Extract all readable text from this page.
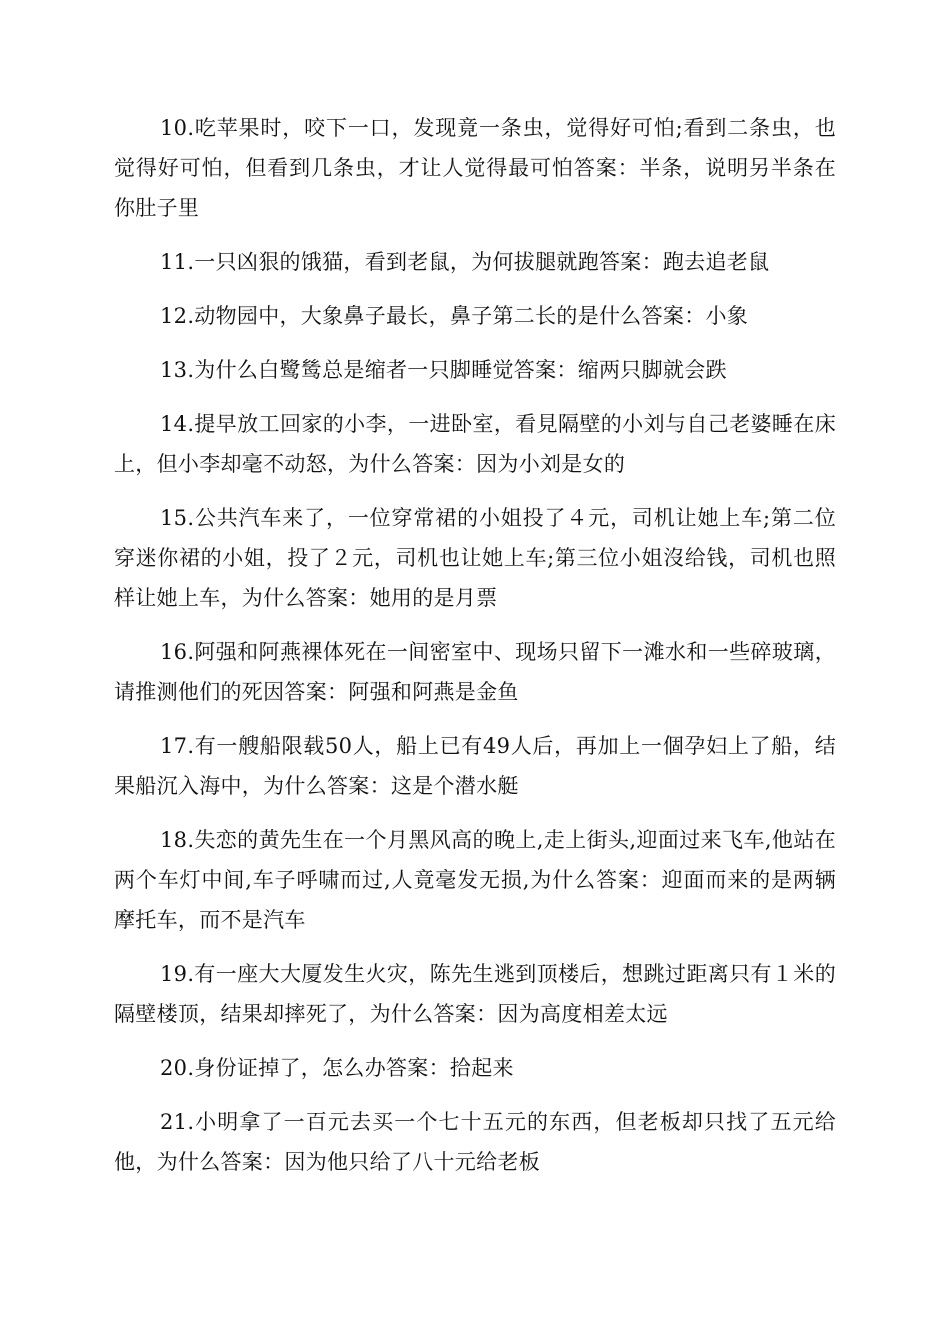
10.吃苹果时，咬下一口，发现竟一条虫，觉得好可怕;看到二条虫，也觉得好可怕，但看到几条虫，才让人觉得最可怕答案：半条，说明另半条在你肚子里

11.一只凶狠的饿猫，看到老鼠，为何拔腿就跑答案：跑去追老鼠

12.动物园中，大象鼻子最长，鼻子第二长的是什么答案：小象

13.为什么白鹭鸶总是缩者一只脚睡觉答案：缩两只脚就会跌

14.提早放工回家的小李，一进卧室，看見隔壁的小刘与自己老婆睡在床上，但小李却毫不动怒，为什么答案：因为小刘是女的

15.公共汽车来了，一位穿常裙的小姐投了４元，司机让她上车;第二位穿迷你裙的小姐，投了２元，司机也让她上车;第三位小姐沒给钱，司机也照样让她上车，为什么答案：她用的是月票

16.阿强和阿燕裸体死在一间密室中、现场只留下一滩水和一些碎玻璃，请推测他们的死因答案：阿强和阿燕是金鱼

17.有一艘船限载50人，船上已有49人后，再加上一個孕妇上了船，结果船沉入海中，为什么答案：这是个潜水艇

18.失恋的黄先生在一个月黑风高的晚上,走上街头,迎面过来飞车,他站在两个车灯中间,车子呼啸而过,人竟毫发无损,为什么答案：迎面而来的是两辆摩托车，而不是汽车

19.有一座大大厦发生火灾，陈先生逃到顶楼后，想跳过距离只有１米的隔壁楼顶，结果却摔死了，为什么答案：因为高度相差太远

20.身份证掉了，怎么办答案：拾起来

21.小明拿了一百元去买一个七十五元的东西，但老板却只找了五元给他，为什么答案：因为他只给了八十元给老板
